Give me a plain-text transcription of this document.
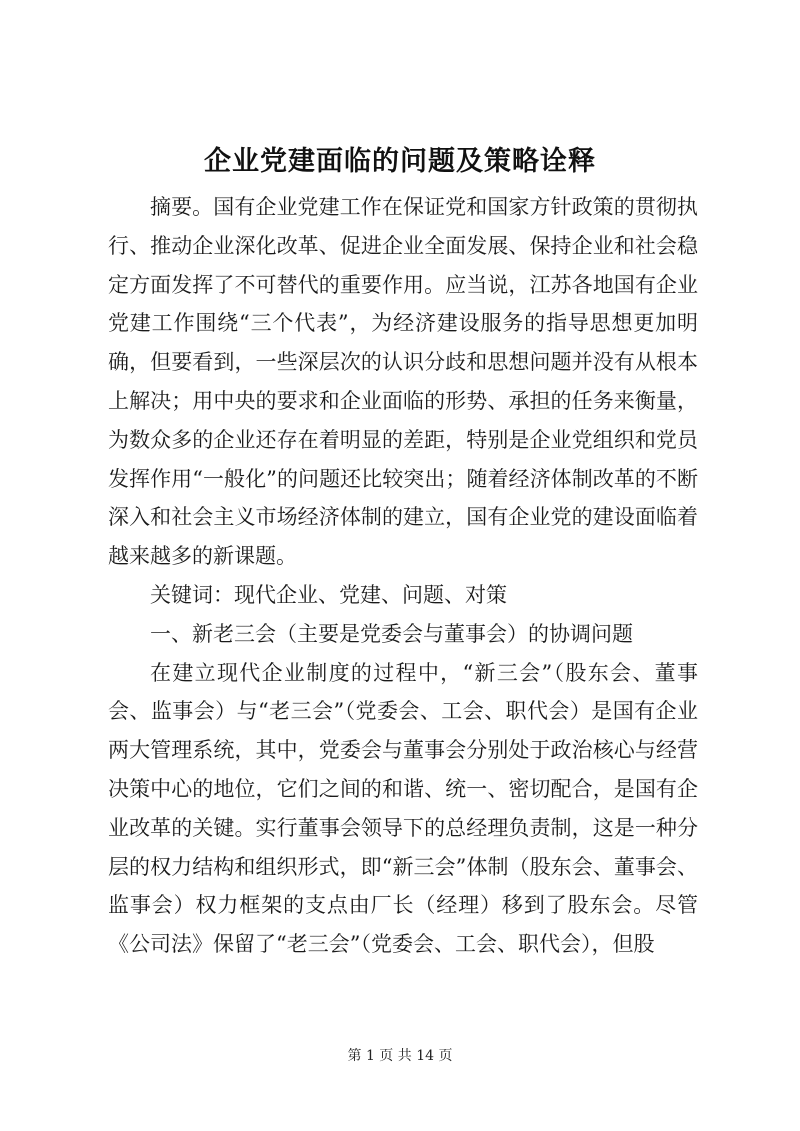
企业党建面临的问题及策略诠释

摘要。国有企业党建工作在保证党和国家方针政策的贯彻执行、推动企业深化改革、促进企业全面发展、保持企业和社会稳定方面发挥了不可替代的重要作用。应当说，江苏各地国有企业党建工作围绕“三个代表”，为经济建设服务的指导思想更加明确，但要看到，一些深层次的认识分歧和思想问题并没有从根本上解决；用中央的要求和企业面临的形势、承担的任务来衡量，为数众多的企业还存在着明显的差距，特别是企业党组织和党员发挥作用“一般化”的问题还比较突出；随着经济体制改革的不断深入和社会主义市场经济体制的建立，国有企业党的建设面临着越来越多的新课题。

关键词：现代企业、党建、问题、对策

一、新老三会（主要是党委会与董事会）的协调问题

在建立现代企业制度的过程中，“新三会”（股东会、董事会、监事会）与“老三会”（党委会、工会、职代会）是国有企业两大管理系统，其中，党委会与董事会分别处于政治核心与经营决策中心的地位，它们之间的和谐、统一、密切配合，是国有企业改革的关键。实行董事会领导下的总经理负责制，这是一种分层的权力结构和组织形式，即“新三会”体制（股东会、董事会、监事会）权力框架的支点由厂长（经理）移到了股东会。尽管《公司法》保留了“老三会”（党委会、工会、职代会），但股

第 1 页 共 14 页
